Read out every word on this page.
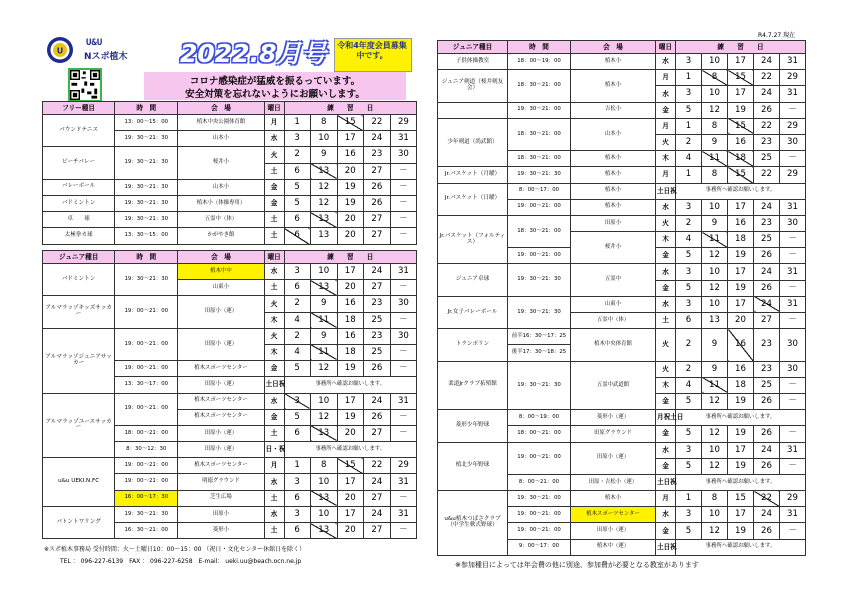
U
U&U
Nスポ植木 2022.8月号 令和4年度会員募集中です。
コロナ感染症が猛威を振るっています。
安全対策を忘れないようにお願いします。
R4.7.27 現在
フリー種目	時　間	会　場	曜日	練　　習　　日				
バウンドテニス	13：00～15：00	植木中央公園体育館	月	1	8	15	22	29
	19：30～21：30	山本小	水	3	10	17	24	31
ビーチバレー	19：30～21：30	桜井小	火	2	9	16	23	30
			土	6	13	20	27	－
バレーボール	19：30～21：30	山本小	金	5	12	19	26	－
バドミントン	19：30～21：30	植木小（体操専用）	金	5	12	19	26	－
卓　　球	19：30～21：30	五霊中（体）	土	6	13	20	27	－
太極拳カ球	13：30～15：00	かがやき館	土	6	13	20	27	－
ジュニア種目	時　間	会　場	曜日	練　　習　　日				
バドミントン	19：30～21：30	植木中中	水	3	10	17	24	31
		山東小	土	6	13	20	27	－
アルマラッゾキッズサッカー	19：00～21：00	田原小（運）	火	2	9	16	23	30
			木	4	11	18	25	－
アルマラッゾジュニアサッカー	19：00～21：00	田原小（運）	火	2	9	16	23	30
			木	4	11	18	25	－
	19：00～21：00	植木スポーツセンター	金	5	12	19	26	－
	13：30～17：00	田原小（運）	土日祝	事務所へ確認お願いします。				
アルマラッゾユースサッカー	19：00～21：00	植木スポーツセンター	水	3	10	17	24	31
		植木スポーツセンター	金	5	12	19	26	－
	18：00～21：00	田原小（運）	土	6	13	20	27	－
	8：30～12：30	田原小（運）	日・祝	事務所へ確認お願いします。				
u&u UEKI.N.FC	19：00～21：00	植木スポーツセンター	月	1	8	15	22	29
	19：00～21：00	明徳グラウンド	水	3	10	17	24	31
	16：00～17：30	芝生広場	土	6	13	20	27	－
バトントワリング	19：30～21：30	田原小	水	3	10	17	24	31
	16：30～21：00	菱形小	土	6	13	20	27	－
※スポ植木事務局 受付時間：火～土曜日10：00～15：00 （祝日・文化センター休館日を除く）
TEL ： 096-227-6139　FAX ： 096-227-6258　E-mail： ueki.uu@beach.ocn.ne.jp
ジュニア種目	時　間	会　場	曜日	練　　習　　日				
子供体操教室	18：00～19：00	植木小	水	3	10	17	24	31
ジュニア剣道（桜井剣友会）	18：30～21：00	植木小	月	1	8	15	22	29
			水	3	10	17	24	31
	19：30～21：00	吉松小	金	5	12	19	26	－
少年剣道（尚武館）	18：30～21：00	山本小	月	1	8	15	22	29
			火	2	9	16	23	30
	18：30～21：00	植木小	木	4	11	18	25	－
Jr.バスケット（月曜）	19：30～21：30	植木小	月	1	8	15	22	29
Jr.バスケット（日曜）	8：00～17：00	植木小	土日祝	事務所へ確認お願いします。				
	19：00～21：00	植木小	水	3	10	17	24	31
Jr.バスケット（フォルティス）	18：30～21：00	田原小	火	2	9	16	23	30
		桜井小	木	4	11	18	25	－
	19：00～21：00		金	5	12	19	26	－
ジュニア卓球	19：30～21：30	五霊中	水	3	10	17	24	31
			金	5	12	19	26	－
Jr.女子バレーボール	19：30～21：30	山東小	水	3	10	17	24	31
		五霊中（体）	土	6	13	20	27	－
トランポリン	前半16：30～17：25	植木中央体育館	火	2	9	16	23	30
	後半17：30～18：25							
柔道Jrクラブ拓殖館	19：30～21：30	五霊中武道館	火	2	9	16	23	30
			木	4	11	18	25	－
			金	5	12	19	26	－
菱形少年野球	8：00～19：00	菱形小（運）	月祝土日	事務所へ確認お願いします。				
	18：00～21：00	田原グラウンド	金	5	12	19	26	－
植北少年野球	19：00～21：00	田原小（運）	水	3	10	17	24	31
			金	5	12	19	26	－
	8：00～21：00	田原・吉松小（運）	土日祝	事務所へ確認お願いします。				
u&u植木つばさクラブ（中学生軟式野球）	19：30～21：00	植木小	月	1	8	15	22	29
	19：00～21：00	植木スポーツセンター	水	3	10	17	24	31
	19：00～21：00	田原小（運）	金	5	12	19	26	－
	9：00～17：00	植木中（運）	土日祝	事務所へ確認お願いします。				
※参加種目によっては年会費の他に別途、参加費が必要となる教室があります
